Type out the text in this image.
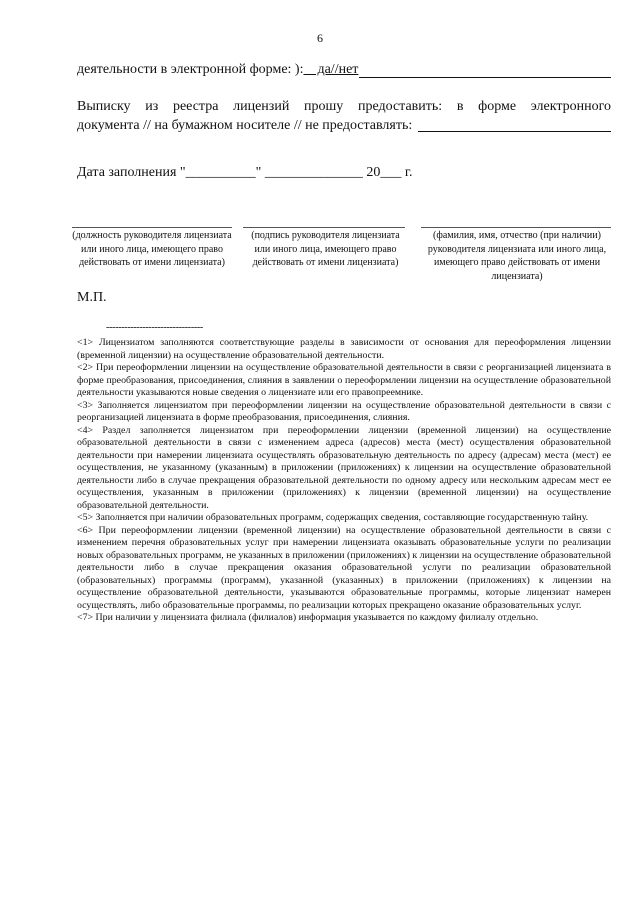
6
деятельности в электронной форме: ): да//нет
Выписку из реестра лицензий прошу предоставить: в форме электронного
документа // на бумажном носителе // не предоставлять:
Дата заполнения "__________" ______________ 20___ г.
(должность руководителя лицензиата или иного лица, имеющего право действовать от имени лицензиата)
(подпись руководителя лицензиата или иного лица, имеющего право действовать от имени лицензиата)
(фамилия, имя, отчество (при наличии) руководителя лицензиата или иного лица, имеющего право действовать от имени лицензиата)
М.П.
--------------------------------

<1> Лицензиатом заполняются соответствующие разделы в зависимости от основания для переоформления лицензии (временной лицензии) на осуществление образовательной деятельности.

<2> При переоформлении лицензии на осуществление образовательной деятельности в связи с реорганизацией лицензиата в форме преобразования, присоединения, слияния в заявлении о переоформлении лицензии на осуществление образовательной деятельности указываются новые сведения о лицензиате или его правопреемнике.

<3> Заполняется лицензиатом при переоформлении лицензии на осуществление образовательной деятельности в связи с реорганизацией лицензиата в форме преобразования, присоединения, слияния.

<4> Раздел заполняется лицензиатом при переоформлении лицензии (временной лицензии) на осуществление образовательной деятельности в связи с изменением адреса (адресов) места (мест) осуществления образовательной деятельности при намерении лицензиата осуществлять образовательную деятельность по адресу (адресам) места (мест) ее осуществления, не указанному (указанным) в приложении (приложениях) к лицензии на осуществление образовательной деятельности либо в случае прекращения образовательной деятельности по одному адресу или нескольким адресам мест ее осуществления, указанным в приложении (приложениях) к лицензии (временной лицензии) на осуществление образовательной деятельности.

<5> Заполняется при наличии образовательных программ, содержащих сведения, составляющие государственную тайну.

<6> При переоформлении лицензии (временной лицензии) на осуществление образовательной деятельности в связи с изменением перечня образовательных услуг при намерении лицензиата оказывать образовательные услуги по реализации новых образовательных программ, не указанных в приложении (приложениях) к лицензии на осуществление образовательной деятельности либо в случае прекращения оказания образовательной услуги по реализации образовательной (образовательных) программы (программ), указанной (указанных) в приложении (приложениях) к лицензии на осуществление образовательной деятельности, указываются образовательные программы, которые лицензиат намерен осуществлять, либо образовательные программы, по реализации которых прекращено оказание образовательных услуг.

<7> При наличии у лицензиата филиала (филиалов) информация указывается по каждому филиалу отдельно.
